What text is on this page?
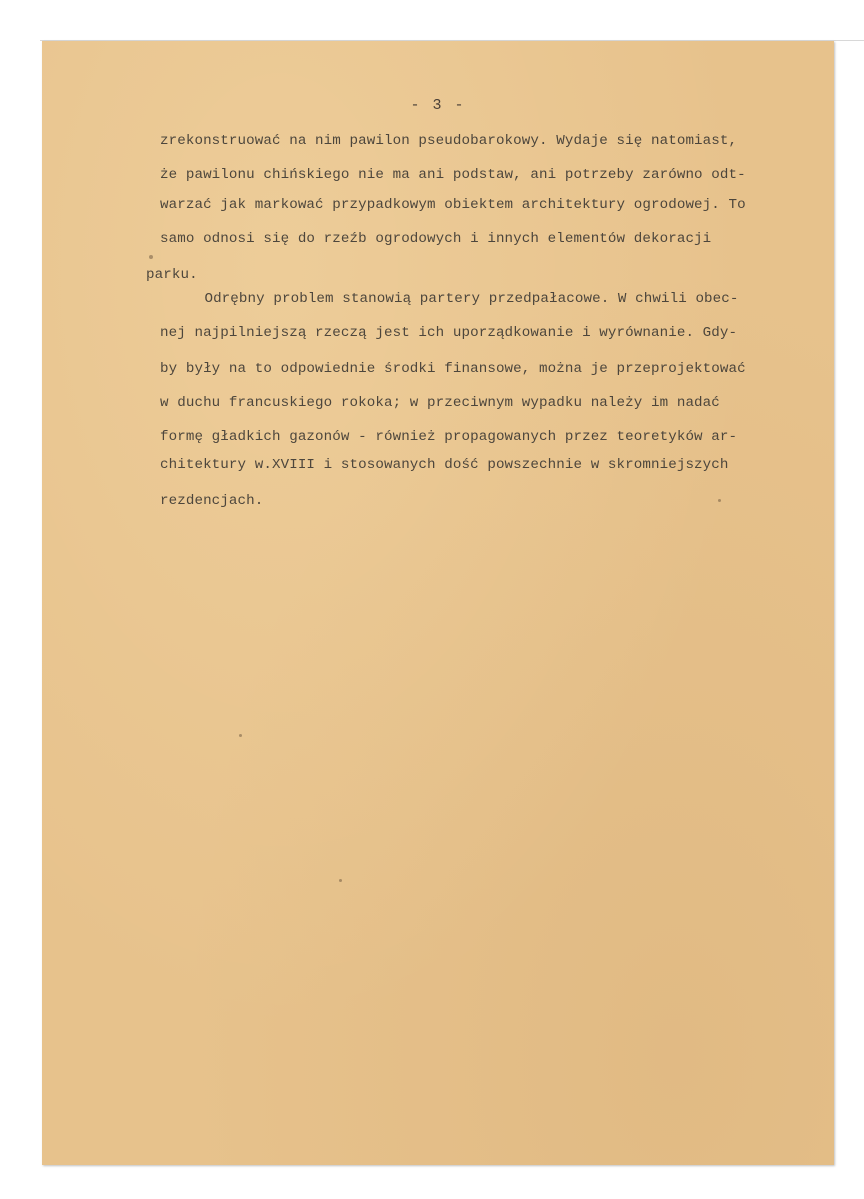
- 3 -
zrekonstruować na nim pawilon pseudobarokowy. Wydaje się natomiast,
że pawilonu chińskiego nie ma ani podstaw, ani potrzeby zarówno odt-
warzać jak markować przypadkowym obiektem architektury ogrodowej. To
samo odnosi się do rzeźb ogrodowych i innych elementów dekoracji
parku.
Odrębny problem stanowią partery przedpałacowe. W chwili obec-
nej najpilniejszą rzeczą jest ich uporządkowanie i wyrównanie. Gdy-
by były na to odpowiednie środki finansowe, można je przeprojektować
w duchu francuskiego rokoka; w przeciwnym wypadku należy im nadać
formę gładkich gazonów - również propagowanych przez teoretyków ar-
chitektury w.XVIII i stosowanych dość powszechnie w skromniejszych
rezdencjach.
